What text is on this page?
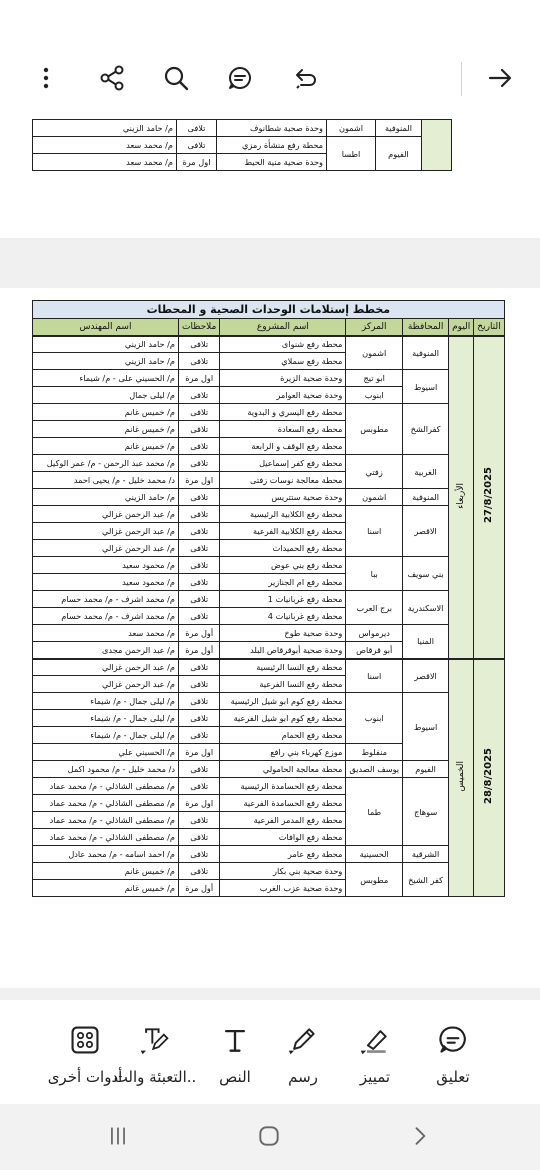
	المنوفية	اشمون	وحدة صحية شطانوف	تلافى	م/ حامد الزيني
	الفيوم	اطسا	محطة رفع منشأة رمزي	تلافى	م/ محمد سعد
			وحدة صحية منية الحيط	اول مرة	م/ محمد سعد
مخطط إستلامات الوحدات الصحية و المحطات						
التاريخ	اليوم	المحافظة	المركز	اسم المشروع	ملاحظات	اسم المهندس
27/8/2025	الأربعاء	المنوفية	اشمون	محطة رفع شنواى	تلافى	م/ حامد الزيني
				محطة رفع سملاي	تلافى	م/ حامد الزيني
		اسيوط	ابو تيج	وحدة صحية الزيرة	اول مرة	م/ الحسيني على - م/ شيماء
			ابنوب	وحدة صحية العوامر	تلافى	م/ ليلى جمال
		كفرالشخ	مطوبس	محطة رفع اليسري و البدوية	تلافى	م/ خميس غانم
				محطة رفع السعادة	تلافى	م/ خميس غانم
				محطة رفع الوقف و الرابعة	تلافى	م/ خميس غانم
		الغربية	زفتي	محطة رفع كفر إسماعيل	تلافى	م/ محمد عبد الرحمن - م/ عمر الوكيل
				محطة معالجة نوسات زفتى	اول مرة	د/ محمد خليل - م/ يحيى احمد
		المنوفية	اشمون	وحدة صحية ستتريس	تلافى	م/ حامد الزيني
		الاقصر	اسنا	محطة رفع الكلابية الرئيسية	تلافى	م/ عبد الرحمن غزالي
				محطة رفع الكلابية الفرعية	تلافى	م/ عبد الرحمن غزالي
				محطة رفع الحميدات	تلافى	م/ عبد الرحمن غزالي
		بني سويف	ببا	محطة رفع بني عوض	تلافى	م/ محمود سعيد
				محطة رفع ام الجنازير	تلافى	م/ محمود سعيد
		الاسكندرية	برج العرب	محطة رفع غربانيات 1	تلافى	م/ محمد اشرف - م/ محمد حسام
				محطة رفع غربانيات 4	تلافى	م/ محمد اشرف - م/ محمد حسام
		المنيا	ديرمواس	وحدة صحية طوخ	أول مرة	م/ محمد سعد
			أبو قرقاص	وحدة صحية أبوقرقاص البلد	أول مرة	م/ عبد الرحمن مجدى
28/8/2025	الخميس	الاقصر	اسنا	محطة رفع النسا الرئيسية	تلافى	م/ عبد الرحمن غزالي
				محطة رفع النسا الفرعية	تلافى	م/ عبد الرحمن غزالي
		اسيوط	ابنوب	محطة رفع كوم ابو شيل الرئيسية	تلافى	م/ ليلى جمال - م/ شيماء
				محطة رفع كوم ابو شيل الفرعية	تلافى	م/ ليلى جمال - م/ شيماء
				محطة رفع الحمام	تلافى	م/ ليلى جمال - م/ شيماء
			منفلوط	موزع كهرباء بني رافع	اول مرة	م/ الحسيني علي
		الفيوم	يوسف الصديق	محطة معالجة الحامولي	تلافى	د/ محمد خليل - م/ محمود اكمل
		سوهاج	طما	محطة رفع الحسامدة الرئيسية	تلافى	م/ مصطفى الشاذلي - م/ محمد عماد
				محطة رفع الحسامدة الفرعية	اول مرة	م/ مصطفى الشاذلي - م/ محمد عماد
				محطة رفع المدمر الفرعية	تلافى	م/ مصطفى الشاذلي - م/ محمد عماد
				محطة رفع الوافات	تلافى	م/ مصطفى الشاذلي - م/ محمد عماد
		الشرقية	الحسينية	محطة رفع عامر	تلافى	م/ احمد اسامه - م/ محمد عادل
		كفر الشيخ	مطوبس	وحدة صحية بني بكار	تلافى	م/ خميس غانم
				وحدة صحية عزب الغرب	أول مرة	م/ خميس غانم
تعليق
تمييز
رسم
النص
التعبئة والت..
أدوات أخرى
